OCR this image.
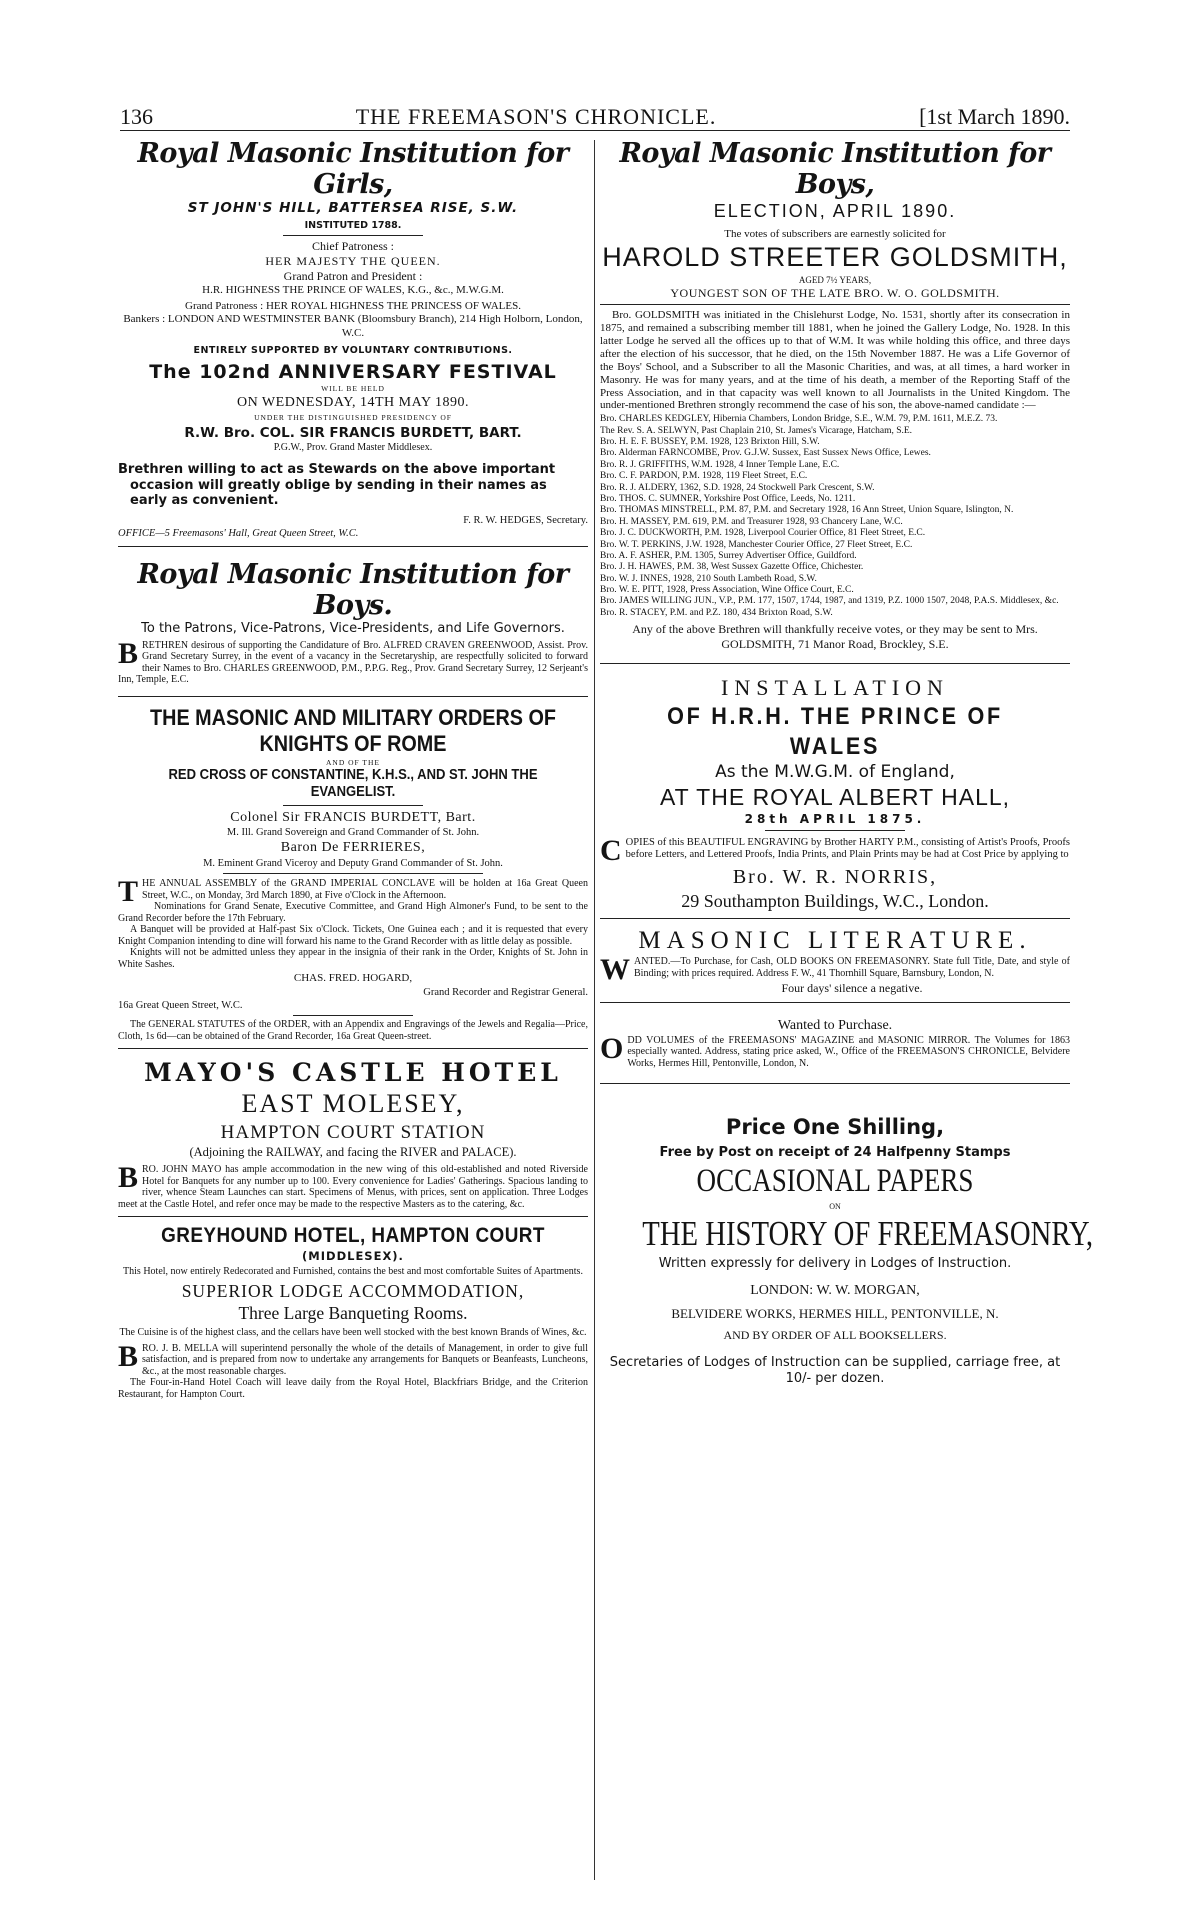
136	THE FREEMASON'S CHRONICLE.	[1st March 1890.
Royal Masonic Institution for Girls,
ST JOHN'S HILL, BATTERSEA RISE, S.W.
INSTITUTED 1788.
Chief Patroness :
HER MAJESTY THE QUEEN.
Grand Patron and President :
H.R. HIGHNESS THE PRINCE OF WALES, K.G., &c., M.W.G.M.
Grand Patroness : HER ROYAL HIGHNESS THE PRINCESS OF WALES.
Bankers : LONDON AND WESTMINSTER BANK (Bloomsbury Branch), 214 High Holborn, London, W.C.
ENTIRELY SUPPORTED BY VOLUNTARY CONTRIBUTIONS.
The 102nd ANNIVERSARY FESTIVAL
WILL BE HELD
ON WEDNESDAY, 14TH MAY 1890.
UNDER THE DISTINGUISHED PRESIDENCY OF
R.W. Bro. COL. SIR FRANCIS BURDETT, BART.
P.G.W., Prov. Grand Master Middlesex.

Brethren willing to act as Stewards on the above important occasion will greatly oblige by sending in their names as early as convenient.

F. R. W. HEDGES, Secretary.
OFFICE—5 Freemasons' Hall, Great Queen Street, W.C.
Royal Masonic Institution for Boys.
To the Patrons, Vice-Patrons, Vice-Presidents, and Life Governors.

BRETHREN desirous of supporting the Candidature of Bro. ALFRED CRAVEN GREENWOOD, Assist. Prov. Grand Secretary Surrey, in the event of a vacancy in the Secretaryship, are respectfully solicited to forward their Names to Bro. CHARLES GREENWOOD, P.M., P.P.G. Reg., Prov. Grand Secretary Surrey, 12 Serjeant's Inn, Temple, E.C.

THE MASONIC AND MILITARY ORDERS OF KNIGHTS OF ROME
AND OF THE
RED CROSS OF CONSTANTINE, K.H.S., AND ST. JOHN THE EVANGELIST.
Colonel Sir FRANCIS BURDETT, Bart.
M. Ill. Grand Sovereign and Grand Commander of St. John.
Baron De FERRIERES,
M. Eminent Grand Viceroy and Deputy Grand Commander of St. John.

THE ANNUAL ASSEMBLY of the GRAND IMPERIAL CONCLAVE will be holden at 16a Great Queen Street, W.C., on Monday, 3rd March 1890, at Five o'Clock in the Afternoon.

Nominations for Grand Senate, Executive Committee, and Grand High Almoner's Fund, to be sent to the Grand Recorder before the 17th February.

A Banquet will be provided at Half-past Six o'Clock. Tickets, One Guinea each ; and it is requested that every Knight Companion intending to dine will forward his name to the Grand Recorder with as little delay as possible.

Knights will not be admitted unless they appear in the insignia of their rank in the Order, Knights of St. John in White Sashes.

CHAS. FRED. HOGARD,
Grand Recorder and Registrar General.
16a Great Queen Street, W.C.

The GENERAL STATUTES of the ORDER, with an Appendix and Engravings of the Jewels and Regalia—Price, Cloth, 1s 6d—can be obtained of the Grand Recorder, 16a Great Queen-street.

MAYO'S CASTLE HOTEL
EAST MOLESEY,
HAMPTON COURT STATION
(Adjoining the RAILWAY, and facing the RIVER and PALACE).

BRO. JOHN MAYO has ample accommodation in the new wing of this old-established and noted Riverside Hotel for Banquets for any number up to 100. Every convenience for Ladies' Gatherings. Spacious landing to river, whence Steam Launches can start. Specimens of Menus, with prices, sent on application. Three Lodges meet at the Castle Hotel, and refer once may be made to the respective Masters as to the catering, &c.

GREYHOUND HOTEL, HAMPTON COURT
(MIDDLESEX).
This Hotel, now entirely Redecorated and Furnished, contains the best and most comfortable Suites of Apartments.
SUPERIOR LODGE ACCOMMODATION,
Three Large Banqueting Rooms.
The Cuisine is of the highest class, and the cellars have been well stocked with the best known Brands of Wines, &c.

BRO. J. B. MELLA will superintend personally the whole of the details of Management, in order to give full satisfaction, and is prepared from now to undertake any arrangements for Banquets or Beanfeasts, Luncheons, &c., at the most reasonable charges.

The Four-in-Hand Hotel Coach will leave daily from the Royal Hotel, Blackfriars Bridge, and the Criterion Restaurant, for Hampton Court.

Royal Masonic Institution for Boys,
ELECTION, APRIL 1890.
The votes of subscribers are earnestly solicited for
HAROLD STREETER GOLDSMITH,
AGED 7½ YEARS,
YOUNGEST SON OF THE LATE BRO. W. O. GOLDSMITH.

Bro. GOLDSMITH was initiated in the Chislehurst Lodge, No. 1531, shortly after its consecration in 1875, and remained a subscribing member till 1881, when he joined the Gallery Lodge, No. 1928. In this latter Lodge he served all the offices up to that of W.M. It was while holding this office, and three days after the election of his successor, that he died, on the 15th November 1887. He was a Life Governor of the Boys' School, and a Subscriber to all the Masonic Charities, and was, at all times, a hard worker in Masonry. He was for many years, and at the time of his death, a member of the Reporting Staff of the Press Association, and in that capacity was well known to all Journalists in the United Kingdom. The under-mentioned Brethren strongly recommend the case of his son, the above-named candidate :—

Bro. CHARLES KEDGLEY, Hibernia Chambers, London Bridge, S.E., W.M. 79, P.M. 1611, M.E.Z. 73.
The Rev. S. A. SELWYN, Past Chaplain 210, St. James's Vicarage, Hatcham, S.E.
Bro. H. E. F. BUSSEY, P.M. 1928, 123 Brixton Hill, S.W.
Bro. Alderman FARNCOMBE, Prov. G.J.W. Sussex, East Sussex News Office, Lewes.
Bro. R. J. GRIFFITHS, W.M. 1928, 4 Inner Temple Lane, E.C.
Bro. C. F. PARDON, P.M. 1928, 119 Fleet Street, E.C.
Bro. R. J. ALDERY, 1362, S.D. 1928, 24 Stockwell Park Crescent, S.W.
Bro. THOS. C. SUMNER, Yorkshire Post Office, Leeds, No. 1211.
Bro. THOMAS MINSTRELL, P.M. 87, P.M. and Secretary 1928, 16 Ann Street, Union Square, Islington, N.
Bro. H. MASSEY, P.M. 619, P.M. and Treasurer 1928, 93 Chancery Lane, W.C.
Bro. J. C. DUCKWORTH, P.M. 1928, Liverpool Courier Office, 81 Fleet Street, E.C.
Bro. W. T. PERKINS, J.W. 1928, Manchester Courier Office, 27 Fleet Street, E.C.
Bro. A. F. ASHER, P.M. 1305, Surrey Advertiser Office, Guildford.
Bro. J. H. HAWES, P.M. 38, West Sussex Gazette Office, Chichester.
Bro. W. J. INNES, 1928, 210 South Lambeth Road, S.W.
Bro. W. E. PITT, 1928, Press Association, Wine Office Court, E.C.
Bro. JAMES WILLING JUN., V.P., P.M. 177, 1507, 1744, 1987, and 1319, P.Z. 1000 1507, 2048, P.A.S. Middlesex, &c.
Bro. R. STACEY, P.M. and P.Z. 180, 434 Brixton Road, S.W.

Any of the above Brethren will thankfully receive votes, or they may be sent to Mrs. GOLDSMITH, 71 Manor Road, Brockley, S.E.

INSTALLATION
OF H.R.H. THE PRINCE OF WALES
As the M.W.G.M. of England,
AT THE ROYAL ALBERT HALL,
28th APRIL 1875.

COPIES of this BEAUTIFUL ENGRAVING by Brother HARTY P.M., consisting of Artist's Proofs, Proofs before Letters, and Lettered Proofs, India Prints, and Plain Prints may be had at Cost Price by applying to

Bro. W. R. NORRIS,
29 Southampton Buildings, W.C., London.
MASONIC LITERATURE.

WANTED.—To Purchase, for Cash, OLD BOOKS ON FREEMASONRY. State full Title, Date, and style of Binding; with prices required. Address F. W., 41 Thornhill Square, Barnsbury, London, N.

Four days' silence a negative.
Wanted to Purchase.

ODD VOLUMES of the FREEMASONS' MAGAZINE and MASONIC MIRROR. The Volumes for 1863 especially wanted. Address, stating price asked, W., Office of the FREEMASON'S CHRONICLE, Belvidere Works, Hermes Hill, Pentonville, London, N.

Price One Shilling,
Free by Post on receipt of 24 Halfpenny Stamps
OCCASIONAL PAPERS
ON
THE HISTORY OF FREEMASONRY,
Written expressly for delivery in Lodges of Instruction.
LONDON: W. W. MORGAN,
BELVIDERE WORKS, HERMES HILL, PENTONVILLE, N.
AND BY ORDER OF ALL BOOKSELLERS.
Secretaries of Lodges of Instruction can be supplied, carriage free, at 10/- per dozen.
